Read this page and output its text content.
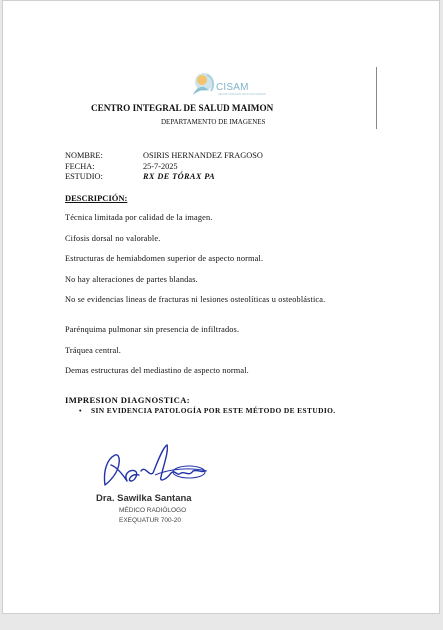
CISAM
CENTRO INTEGRAL DE SALUD MAIMON
CENTRO INTEGRAL DE SALUD MAIMON
DEPARTAMENTO DE IMAGENES
NOMBRE:	OSIRIS HERNANDEZ FRAGOSO
FECHA:	25-7-2025
ESTUDIO:	RX DE TÓRAX PA
DESCRIPCIÓN:
Técnica limitada por calidad de la imagen.
Cifosis dorsal no valorable.
Estructuras de hemiabdomen superior de aspecto normal.
No hay alteraciones de partes blandas.
No se evidencias lineas de fracturas ni lesiones osteolíticas u osteoblástica.
Parénquima pulmonar sin presencia de infiltrados.
Tráquea central.
Demas estructuras del mediastino de aspecto normal.
IMPRESION DIAGNOSTICA:
• SIN EVIDENCIA PATOLOGÍA POR ESTE MÉTODO DE ESTUDIO.
Dra. Sawilka Santana
MÉDICO RADIÓLOGO
EXEQUATUR 700-20
